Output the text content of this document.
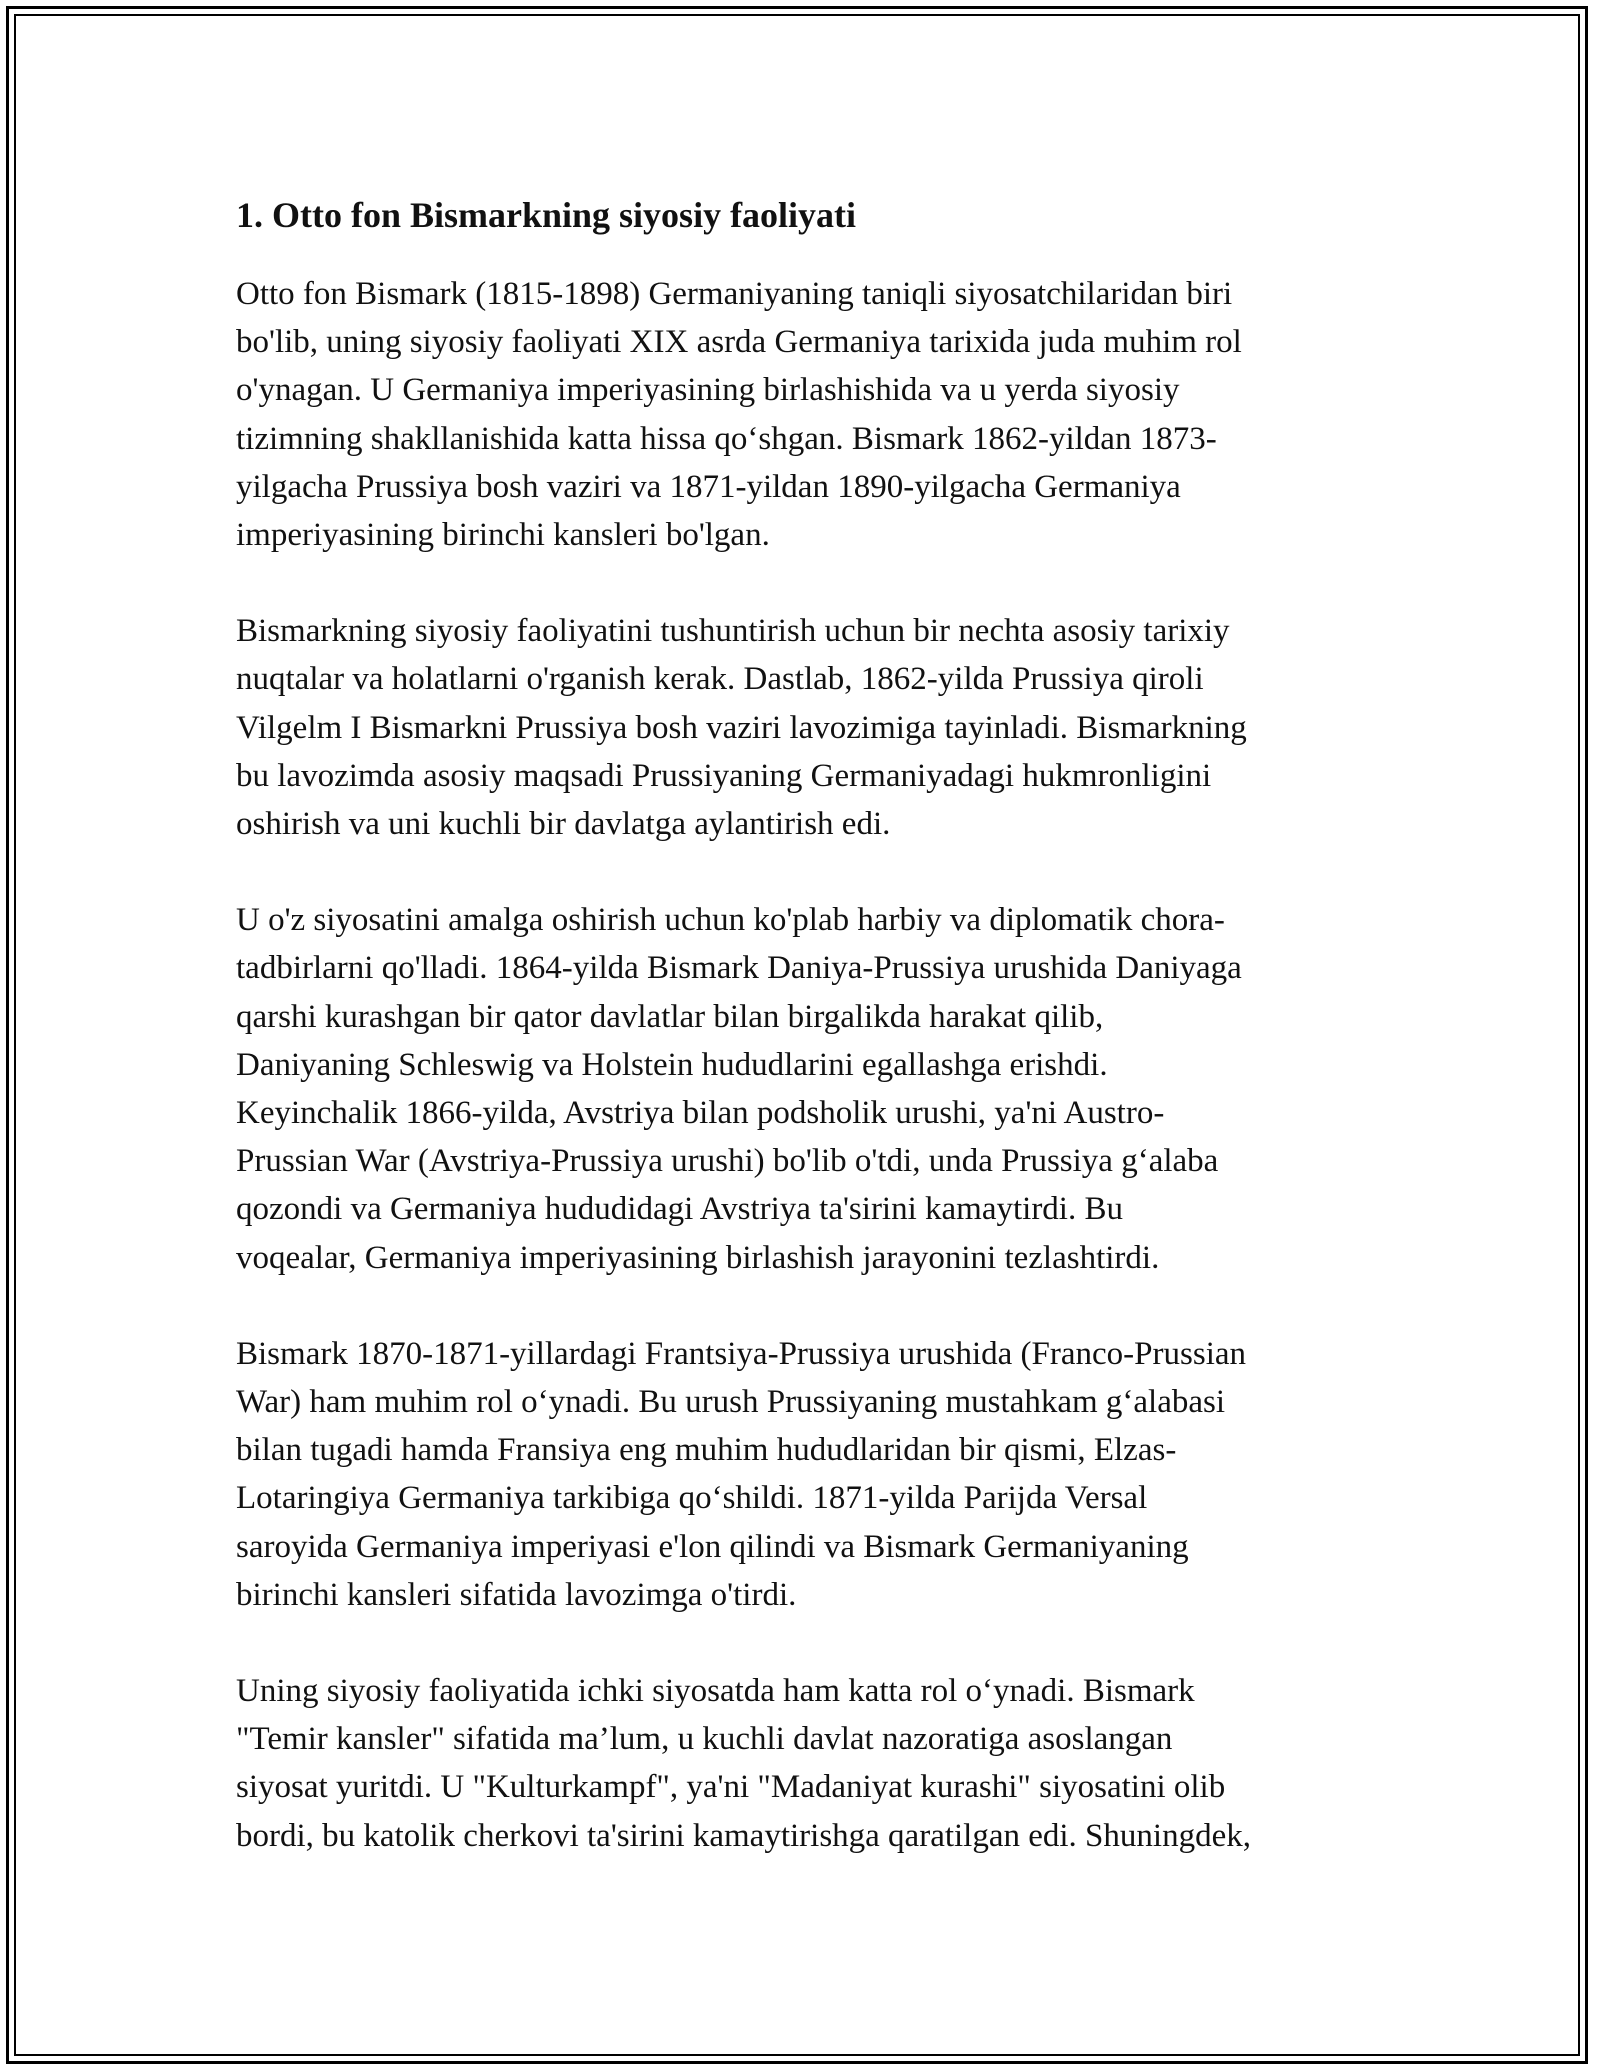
1. Otto fon Bismarkning siyosiy faoliyati

Otto fon Bismark (1815-1898) Germaniyaning taniqli siyosatchilaridan biri
bo'lib, uning siyosiy faoliyati XIX asrda Germaniya tarixida juda muhim rol
o'ynagan. U Germaniya imperiyasining birlashishida va u yerda siyosiy
tizimning shakllanishida katta hissa qo‘shgan. Bismark 1862-yildan 1873-
yilgacha Prussiya bosh vaziri va 1871-yildan 1890-yilgacha Germaniya
imperiyasining birinchi kansleri bo'lgan.

Bismarkning siyosiy faoliyatini tushuntirish uchun bir nechta asosiy tarixiy
nuqtalar va holatlarni o'rganish kerak. Dastlab, 1862-yilda Prussiya qiroli
Vilgelm I Bismarkni Prussiya bosh vaziri lavozimiga tayinladi. Bismarkning
bu lavozimda asosiy maqsadi Prussiyaning Germaniyadagi hukmronligini
oshirish va uni kuchli bir davlatga aylantirish edi.

U o'z siyosatini amalga oshirish uchun ko'plab harbiy va diplomatik chora-
tadbirlarni qo'lladi. 1864-yilda Bismark Daniya-Prussiya urushida Daniyaga
qarshi kurashgan bir qator davlatlar bilan birgalikda harakat qilib,
Daniyaning Schleswig va Holstein hududlarini egallashga erishdi.
Keyinchalik 1866-yilda, Avstriya bilan podsholik urushi, ya'ni Austro-
Prussian War (Avstriya-Prussiya urushi) bo'lib o'tdi, unda Prussiya g‘alaba
qozondi va Germaniya hududidagi Avstriya ta'sirini kamaytirdi. Bu
voqealar, Germaniya imperiyasining birlashish jarayonini tezlashtirdi.

Bismark 1870-1871-yillardagi Frantsiya-Prussiya urushida (Franco-Prussian
War) ham muhim rol o‘ynadi. Bu urush Prussiyaning mustahkam g‘alabasi
bilan tugadi hamda Fransiya eng muhim hududlaridan bir qismi, Elzas-
Lotaringiya Germaniya tarkibiga qo‘shildi. 1871-yilda Parijda Versal
saroyida Germaniya imperiyasi e'lon qilindi va Bismark Germaniyaning
birinchi kansleri sifatida lavozimga o'tirdi.

Uning siyosiy faoliyatida ichki siyosatda ham katta rol o‘ynadi. Bismark
"Temir kansler" sifatida ma’lum, u kuchli davlat nazoratiga asoslangan
siyosat yuritdi. U "Kulturkampf", ya'ni "Madaniyat kurashi" siyosatini olib
bordi, bu katolik cherkovi ta'sirini kamaytirishga qaratilgan edi. Shuningdek,
